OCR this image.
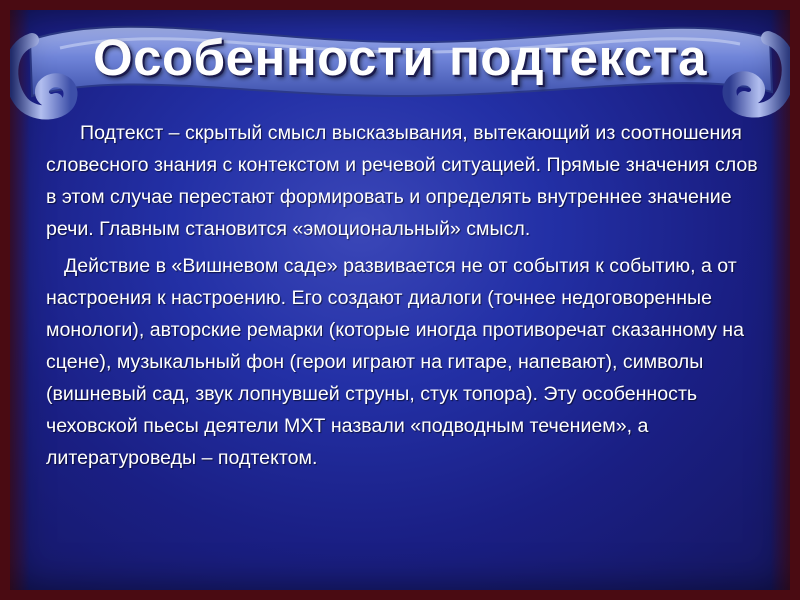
Особенности подтекста

Подтекст – скрытый смысл высказывания, вытекающий из соотношения словесного знания с контекстом и речевой ситуацией. Прямые значения слов в этом случае перестают формировать и определять внутреннее значение речи. Главным становится «эмоциональный» смысл.

Действие в «Вишневом саде» развивается не от события к событию, а от настроения к настроению. Его создают диалоги (точнее недоговоренные монологи), авторские ремарки (которые иногда противоречат сказанному на сцене), музыкальный фон (герои играют на гитаре, напевают), символы (вишневый сад, звук лопнувшей струны, стук топора). Эту особенность чеховской пьесы деятели МХТ назвали «подводным течением», а литературоведы – подтектом.
